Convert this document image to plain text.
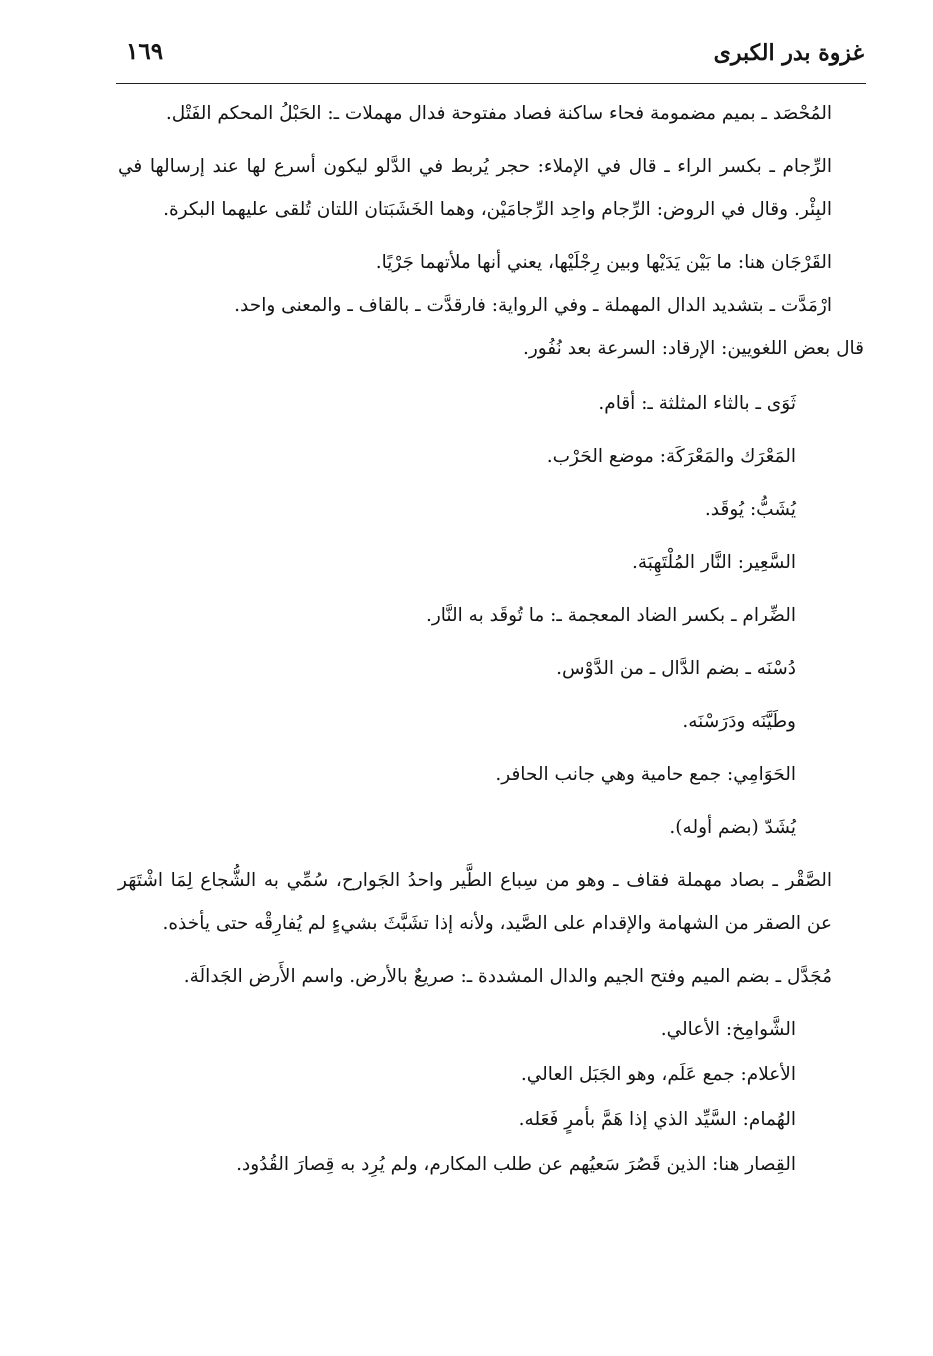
غزوة بدر الكبرى
١٦٩

المُحْصَد ـ بميم مضمومة فحاء ساكنة فصاد مفتوحة فدال مهملات ـ: الحَبْلُ المحكم الفَتْل.

الرِّجام ـ بكسر الراء ـ قال في الإملاء: حجر يُربط في الدَّلو ليكون أسرع لها عند إرسالها في البِئْر. وقال في الروض: الرِّجام واحِد الرِّجامَيْن، وهما الخَشَبَتان اللتان تُلقى عليهما البكرة.

القَرْجَان هنا: ما بَيْن يَدَيْها وبين رِجْلَيْها، يعني أنها ملأتهما جَرْيًا.

ارْمَدَّت ـ بتشديد الدال المهملة ـ وفي الرواية: فارقدَّت ـ بالقاف ـ والمعنى واحد.

قال بعض اللغويين: الإرقاد: السرعة بعد نُفُور.

ثَوَى ـ بالثاء المثلثة ـ: أقام.

المَعْرَك والمَعْرَكَة: موضع الحَرْب.

يُشَبُّ: يُوقَد.

السَّعِير: النَّار المُلْتَهِبَة.

الضِّرام ـ بكسر الضاد المعجمة ـ: ما تُوقَد به النَّار.

دُسْنَه ـ بضم الدَّال ـ من الدَّوْس.

وطَيَّنَه ودَرَسْنَه.

الحَوَامِي: جمع حامية وهي جانب الحافر.

يُشَدّ (بضم أوله).

الصَّقْر ـ بصاد مهملة فقاف ـ وهو من سِباع الطَّير واحدُ الجَوارح، سُمِّي به الشُّجاع لِمَا اشْتَهَر عن الصقر من الشهامة والإقدام على الصَّيد، ولأنه إذا تشَبَّثَ بشيءٍ لم يُفارِقْه حتى يأخذه.

مُجَدَّل ـ بضم الميم وفتح الجيم والدال المشددة ـ: صريعٌ بالأرض. واسم الأَرض الجَدالَة.

الشَّوامِخ: الأعالي.

الأعلام: جمع عَلَم، وهو الجَبَل العالي.

الهُمام: السَّيِّد الذي إذا هَمَّ بأمرٍ فَعَله.

القِصار هنا: الذين قَصُرَ سَعيُهم عن طلب المكارم، ولم يُرِد به قِصارَ القُدُود.
